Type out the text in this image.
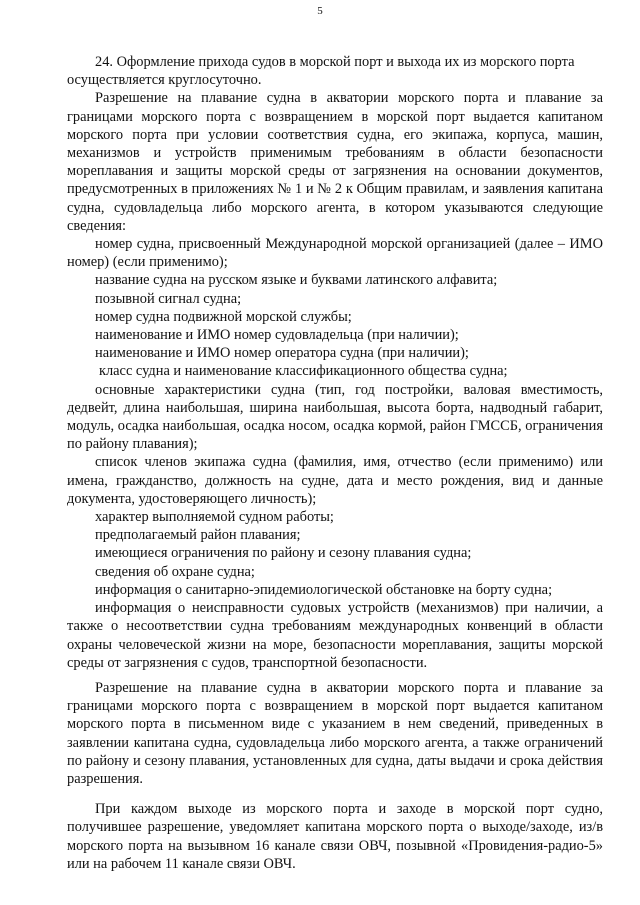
5

24. Оформление прихода судов в морской порт и выхода их из морского порта

осуществляется круглосуточно.

Разрешение на плавание судна в акватории морского порта и плавание за границами морского порта с возвращением в морской порт выдается капитаном морского порта при условии соответствия судна, его экипажа, корпуса, машин, механизмов и устройств применимым требованиям в области безопасности мореплавания и защиты морской среды от загрязнения на основании документов, предусмотренных в приложениях № 1 и № 2 к Общим правилам, и заявления капитана судна, судовладельца либо морского агента, в котором указываются следующие сведения:

номер судна, присвоенный Международной морской организацией (далее – ИМО номер) (если применимо);

название судна на русском языке и буквами латинского алфавита;

позывной сигнал судна;

номер судна подвижной морской службы;

наименование и ИМО номер судовладельца (при наличии);

наименование и ИМО номер оператора судна (при наличии);

класс судна и наименование классификационного общества судна;

основные характеристики судна (тип, год постройки, валовая вместимость, дедвейт, длина наибольшая, ширина наибольшая, высота борта, надводный габарит, модуль, осадка наибольшая, осадка носом, осадка кормой, район ГМССБ, ограничения по району плавания);

список членов экипажа судна (фамилия, имя, отчество (если применимо) или имена, гражданство, должность на судне, дата и место рождения, вид и данные документа, удостоверяющего личность);

характер выполняемой судном работы;

предполагаемый район плавания;

имеющиеся ограничения по району и сезону плавания судна;

сведения об охране судна;

информация о санитарно-эпидемиологической обстановке на борту судна;

информация о неисправности судовых устройств (механизмов) при наличии, а также о несоответствии судна требованиям международных конвенций в области охраны человеческой жизни на море, безопасности мореплавания, защиты морской среды от загрязнения с судов, транспортной безопасности.

Разрешение на плавание судна в акватории морского порта и плавание за границами морского порта с возвращением в морской порт выдается капитаном морского порта в письменном виде с указанием в нем сведений, приведенных в заявлении капитана судна, судовладельца либо морского агента, а также ограничений по району и сезону плавания, установленных для судна, даты выдачи и срока действия разрешения.

При каждом выходе из морского порта и заходе в морской порт судно, получившее разрешение, уведомляет капитана морского порта о выходе/заходе, из/в морского порта на вызывном 16 канале связи ОВЧ, позывной «Провидения-радио-5» или на рабочем 11 канале связи ОВЧ.
